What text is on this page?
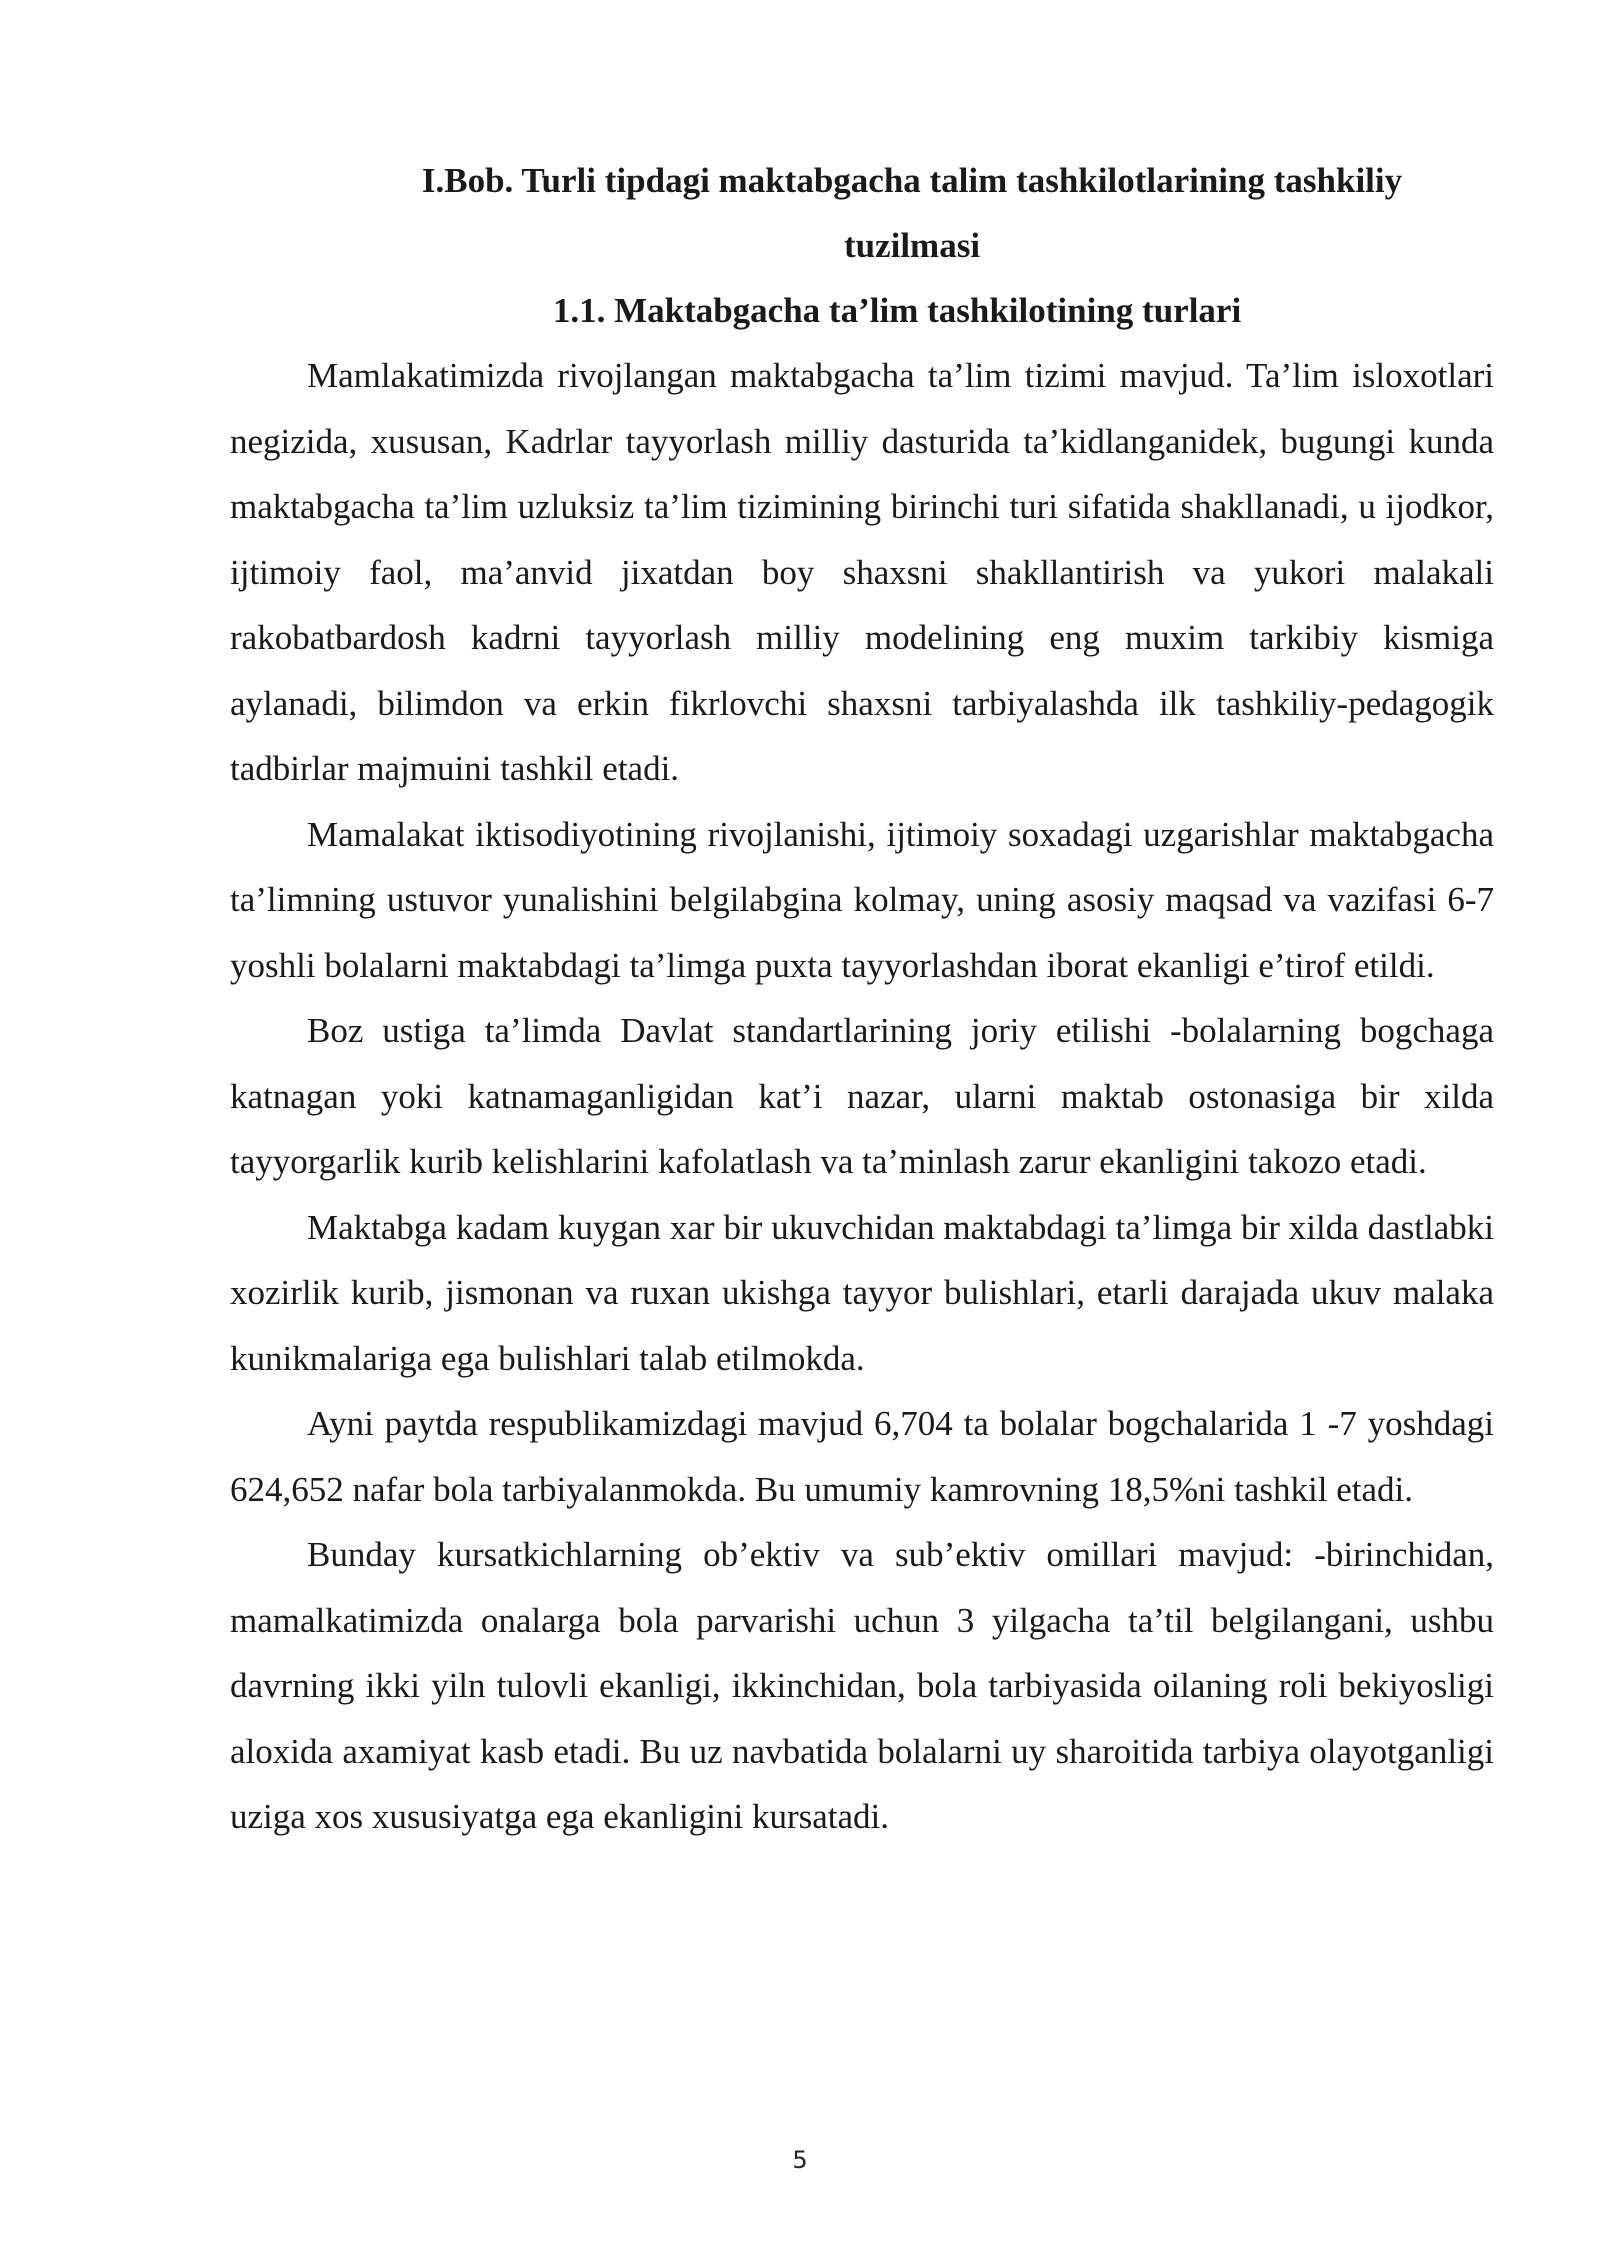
I.Bob. Turli tipdagi maktabgacha talim tashkilotlarining tashkiliy tuzilmasi

1.1. Maktabgacha ta’lim tashkilotining turlari

Mamlakatimizda rivojlangan maktabgacha ta’lim tizimi mavjud. Ta’lim isloxotlari negizida, xususan, Kadrlar tayyorlash milliy dasturida ta’kidlanganidek, bugungi kunda maktabgacha ta’lim uzluksiz ta’lim tizimining birinchi turi sifatida shakllanadi, u ijodkor, ijtimoiy faol, ma’anvid jixatdan boy shaxsni shakllantirish va yukori malakali rakobatbardosh kadrni tayyorlash milliy modelining eng muxim tarkibiy kismiga aylanadi, bilimdon va erkin fikrlovchi shaxsni tarbiyalashda ilk tashkiliy-pedagogik tadbirlar majmuini tashkil etadi.

Mamalakat iktisodiyotining rivojlanishi, ijtimoiy soxadagi uzgarishlar maktabgacha ta’limning ustuvor yunalishini belgilabgina kolmay, uning asosiy maqsad va vazifasi 6-7 yoshli bolalarni maktabdagi ta’limga puxta tayyorlashdan iborat ekanligi e’tirof etildi.

Boz ustiga ta’limda Davlat standartlarining joriy etilishi -bolalarning bogchaga katnagan yoki katnamaganligidan kat’i nazar, ularni maktab ostonasiga bir xilda tayyorgarlik kurib kelishlarini kafolatlash va ta’minlash zarur ekanligini takozo etadi.

Maktabga kadam kuygan xar bir ukuvchidan maktabdagi ta’limga bir xilda dastlabki xozirlik kurib, jismonan va ruxan ukishga tayyor bulishlari, etarli darajada ukuv malaka kunikmalariga ega bulishlari talab etilmokda.

Ayni paytda respublikamizdagi mavjud 6,704 ta bolalar bogchalarida 1 -7 yoshdagi 624,652 nafar bola tarbiyalanmokda. Bu umumiy kamrovning 18,5%ni tashkil etadi.

Bunday kursatkichlarning ob’ektiv va sub’ektiv omillari mavjud: -birinchidan, mamalkatimizda onalarga bola parvarishi uchun 3 yilgacha ta’til belgilangani, ushbu davrning ikki yiln tulovli ekanligi, ikkinchidan, bola tarbiyasida oilaning roli bekiyosligi aloxida axamiyat kasb etadi. Bu uz navbatida bolalarni uy sharoitida tarbiya olayotganligi uziga xos xususiyatga ega ekanligini kursatadi.

5
